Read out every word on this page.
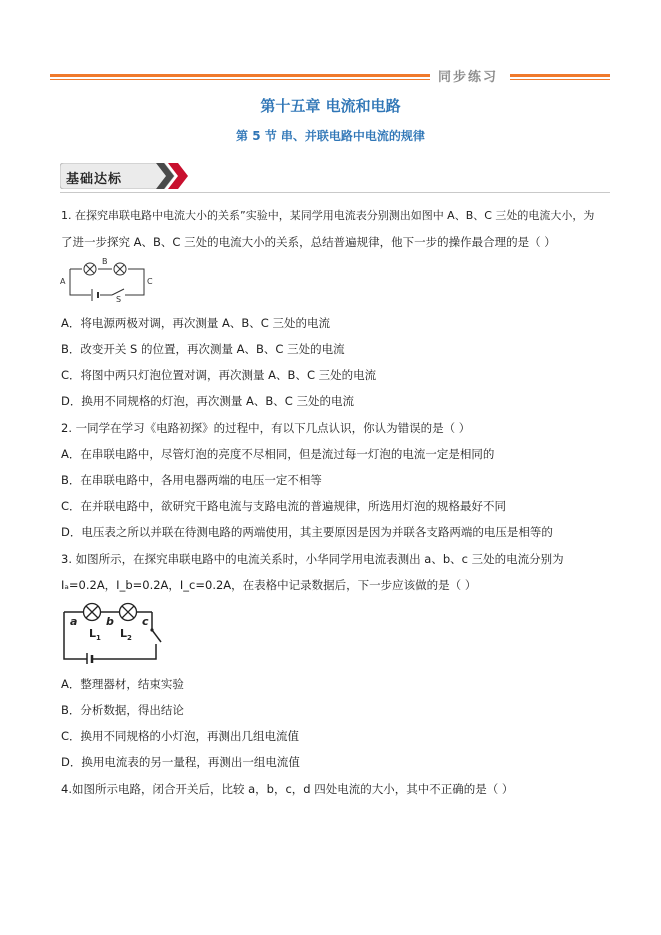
同步练习
第十五章 电流和电路
第 5 节 串、并联电路中电流的规律
基础达标
1. 在探究串联电路中电流大小的关系”实验中，某同学用电流表分别测出如图中 A、B、C 三处的电流大小，为
了进一步探究 A、B、C 三处的电流大小的关系，总结普遍规律，他下一步的操作最合理的是（ ）
A
B
C
S
A．将电源两极对调，再次测量 A、B、C 三处的电流
B．改变开关 S 的位置，再次测量 A、B、C 三处的电流
C．将图中两只灯泡位置对调，再次测量 A、B、C 三处的电流
D．换用不同规格的灯泡，再次测量 A、B、C 三处的电流
2. 一同学在学习《电路初探》的过程中，有以下几点认识，你认为错误的是（ ）
A．在串联电路中，尽管灯泡的亮度不尽相同，但是流过每一灯泡的电流一定是相同的
B．在串联电路中，各用电器两端的电压一定不相等
C．在并联电路中，欲研究干路电流与支路电流的普遍规律，所选用灯泡的规格最好不同
D．电压表之所以并联在待测电路的两端使用，其主要原因是因为并联各支路两端的电压是相等的
3. 如图所示，在探究串联电路中的电流关系时，小华同学用电流表测出 a、b、c 三处的电流分别为
Iₐ=0.2A，I_b=0.2A，I_c=0.2A，在表格中记录数据后，下一步应该做的是（ ）
a	b	c
$L_1$ $L_2$
A．整理器材，结束实验
B．分析数据，得出结论
C．换用不同规格的小灯泡，再测出几组电流值
D．换用电流表的另一量程，再测出一组电流值
4.如图所示电路，闭合开关后，比较 a，b，c，d 四处电流的大小，其中不正确的是（ ）
